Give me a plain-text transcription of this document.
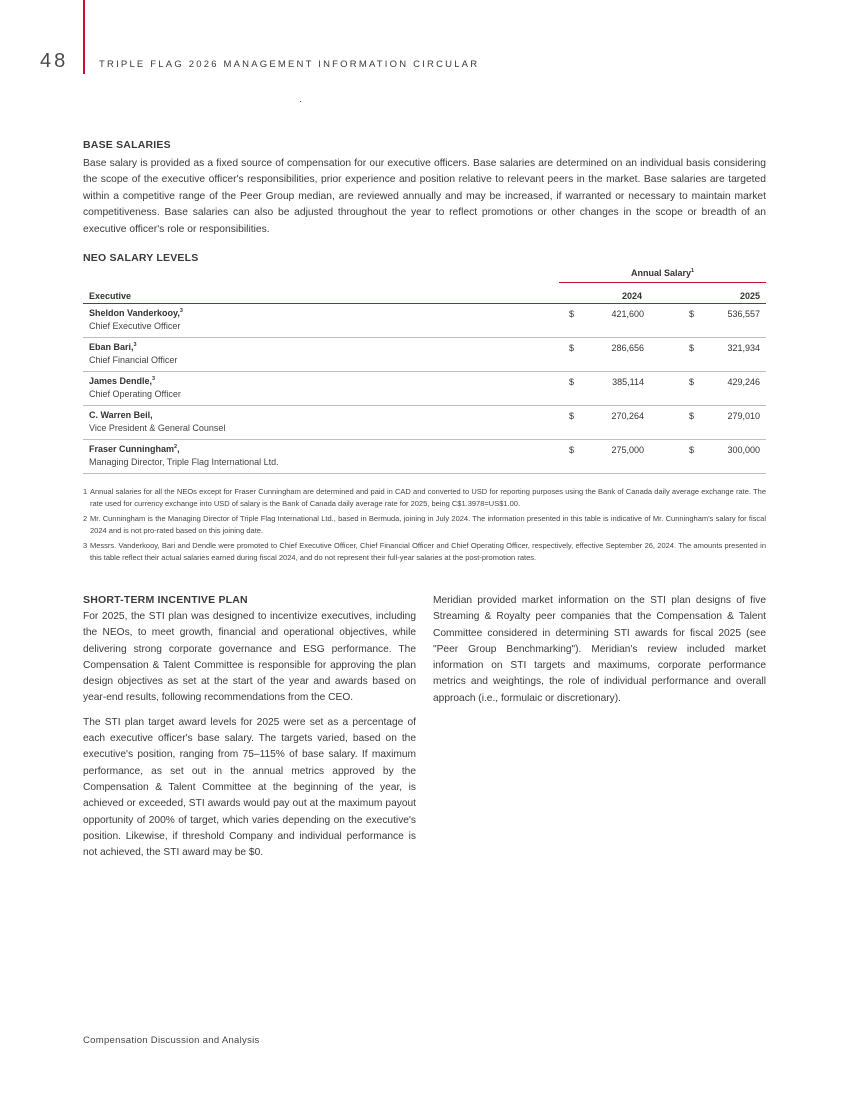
48	TRIPLE FLAG 2026 MANAGEMENT INFORMATION CIRCULAR
BASE SALARIES

Base salary is provided as a fixed source of compensation for our executive officers. Base salaries are determined on an individual basis considering the scope of the executive officer's responsibilities, prior experience and position relative to relevant peers in the market. Base salaries are targeted within a competitive range of the Peer Group median, are reviewed annually and may be increased, if warranted or necessary to maintain market competitiveness. Base salaries can also be adjusted throughout the year to reflect promotions or other changes in the scope or breadth of an executive officer's role or responsibilities.

NEO SALARY LEVELS
Annual Salary$^1$
Executive	2024	2025
Sheldon Vanderkooy,$^3$
Chief Executive Officer
$	421,600	$	536,557
Eban Bari,$^3$
Chief Financial Officer
$	286,656	$	321,934
James Dendle,$^3$
Chief Operating Officer
$	385,114	$	429,246
C. Warren Beil,
Vice President & General Counsel
$	270,264	$	279,010
Fraser Cunningham$^2$,
Managing Director, Triple Flag International Ltd.
$	275,000	$	300,000
1 Annual salaries for all the NEOs except for Fraser Cunningham are determined and paid in CAD and converted to USD for reporting purposes using the Bank of Canada daily average exchange rate. The rate used for currency exchange into USD of salary is the Bank of Canada daily average rate for 2025, being C$1.3978=US$1.00.
2 Mr. Cunningham is the Managing Director of Triple Flag International Ltd., based in Bermuda, joining in July 2024. The information presented in this table is indicative of Mr. Cunningham's salary for fiscal 2024 and is not pro-rated based on this joining date.
3 Messrs. Vanderkooy, Bari and Dendle were promoted to Chief Executive Officer, Chief Financial Officer and Chief Operating Officer, respectively, effective September 26, 2024. The amounts presented in this table reflect their actual salaries earned during fiscal 2024, and do not represent their full-year salaries at the post-promotion rates.
SHORT-TERM INCENTIVE PLAN

For 2025, the STI plan was designed to incentivize executives, including the NEOs, to meet growth, financial and operational objectives, while delivering strong corporate governance and ESG performance. The Compensation & Talent Committee is responsible for approving the plan design objectives as set at the start of the year and awards based on year-end results, following recommendations from the CEO.

The STI plan target award levels for 2025 were set as a percentage of each executive officer's base salary. The targets varied, based on the executive's position, ranging from 75–115% of base salary. If maximum performance, as set out in the annual metrics approved by the Compensation & Talent Committee at the beginning of the year, is achieved or exceeded, STI awards would pay out at the maximum payout opportunity of 200% of target, which varies depending on the executive's position. Likewise, if threshold Company and individual performance is not achieved, the STI award may be $0.

Meridian provided market information on the STI plan designs of five Streaming & Royalty peer companies that the Compensation & Talent Committee considered in determining STI awards for fiscal 2025 (see "Peer Group Benchmarking"). Meridian's review included market information on STI targets and maximums, corporate performance metrics and weightings, the role of individual performance and overall approach (i.e., formulaic or discretionary).

Compensation Discussion and Analysis
